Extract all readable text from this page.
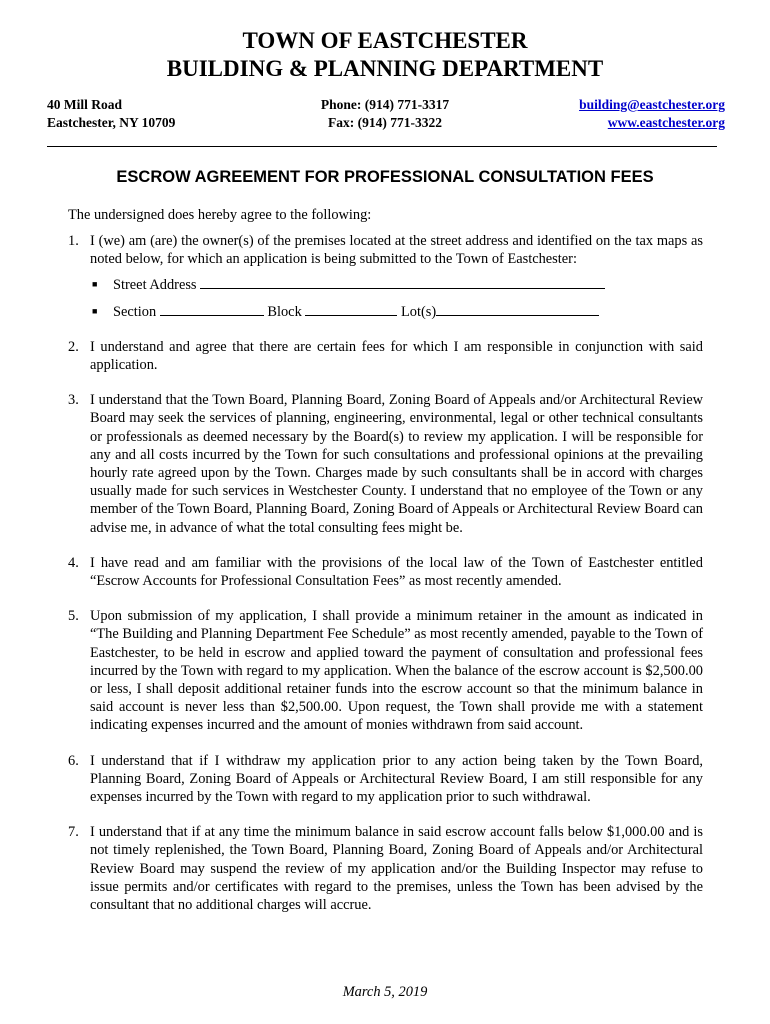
TOWN OF EASTCHESTER
BUILDING & PLANNING DEPARTMENT
40 Mill Road
Eastchester, NY 10709
Phone: (914) 771-3317
Fax: (914) 771-3322
building@eastchester.org
www.eastchester.org
ESCROW AGREEMENT FOR PROFESSIONAL CONSULTATION FEES
The undersigned does hereby agree to the following:
1. I (we) am (are) the owner(s) of the premises located at the street address and identified on the tax maps as noted below, for which an application is being submitted to the Town of Eastchester:
■ Street Address
■ Section	Block	Lot(s)
2. I understand and agree that there are certain fees for which I am responsible in conjunction with said application.
3. I understand that the Town Board, Planning Board, Zoning Board of Appeals and/or Architectural Review Board may seek the services of planning, engineering, environmental, legal or other technical consultants or professionals as deemed necessary by the Board(s) to review my application. I will be responsible for any and all costs incurred by the Town for such consultations and professional opinions at the prevailing hourly rate agreed upon by the Town. Charges made by such consultants shall be in accord with charges usually made for such services in Westchester County. I understand that no employee of the Town or any member of the Town Board, Planning Board, Zoning Board of Appeals or Architectural Review Board can advise me, in advance of what the total consulting fees might be.
4. I have read and am familiar with the provisions of the local law of the Town of Eastchester entitled “Escrow Accounts for Professional Consultation Fees” as most recently amended.
5. Upon submission of my application, I shall provide a minimum retainer in the amount as indicated in “The Building and Planning Department Fee Schedule” as most recently amended, payable to the Town of Eastchester, to be held in escrow and applied toward the payment of consultation and professional fees incurred by the Town with regard to my application. When the balance of the escrow account is $2,500.00 or less, I shall deposit additional retainer funds into the escrow account so that the minimum balance in said account is never less than $2,500.00. Upon request, the Town shall provide me with a statement indicating expenses incurred and the amount of monies withdrawn from said account.
6. I understand that if I withdraw my application prior to any action being taken by the Town Board, Planning Board, Zoning Board of Appeals or Architectural Review Board, I am still responsible for any expenses incurred by the Town with regard to my application prior to such withdrawal.
7. I understand that if at any time the minimum balance in said escrow account falls below $1,000.00 and is not timely replenished, the Town Board, Planning Board, Zoning Board of Appeals and/or Architectural Review Board may suspend the review of my application and/or the Building Inspector may refuse to issue permits and/or certificates with regard to the premises, unless the Town has been advised by the consultant that no additional charges will accrue.
March 5, 2019
